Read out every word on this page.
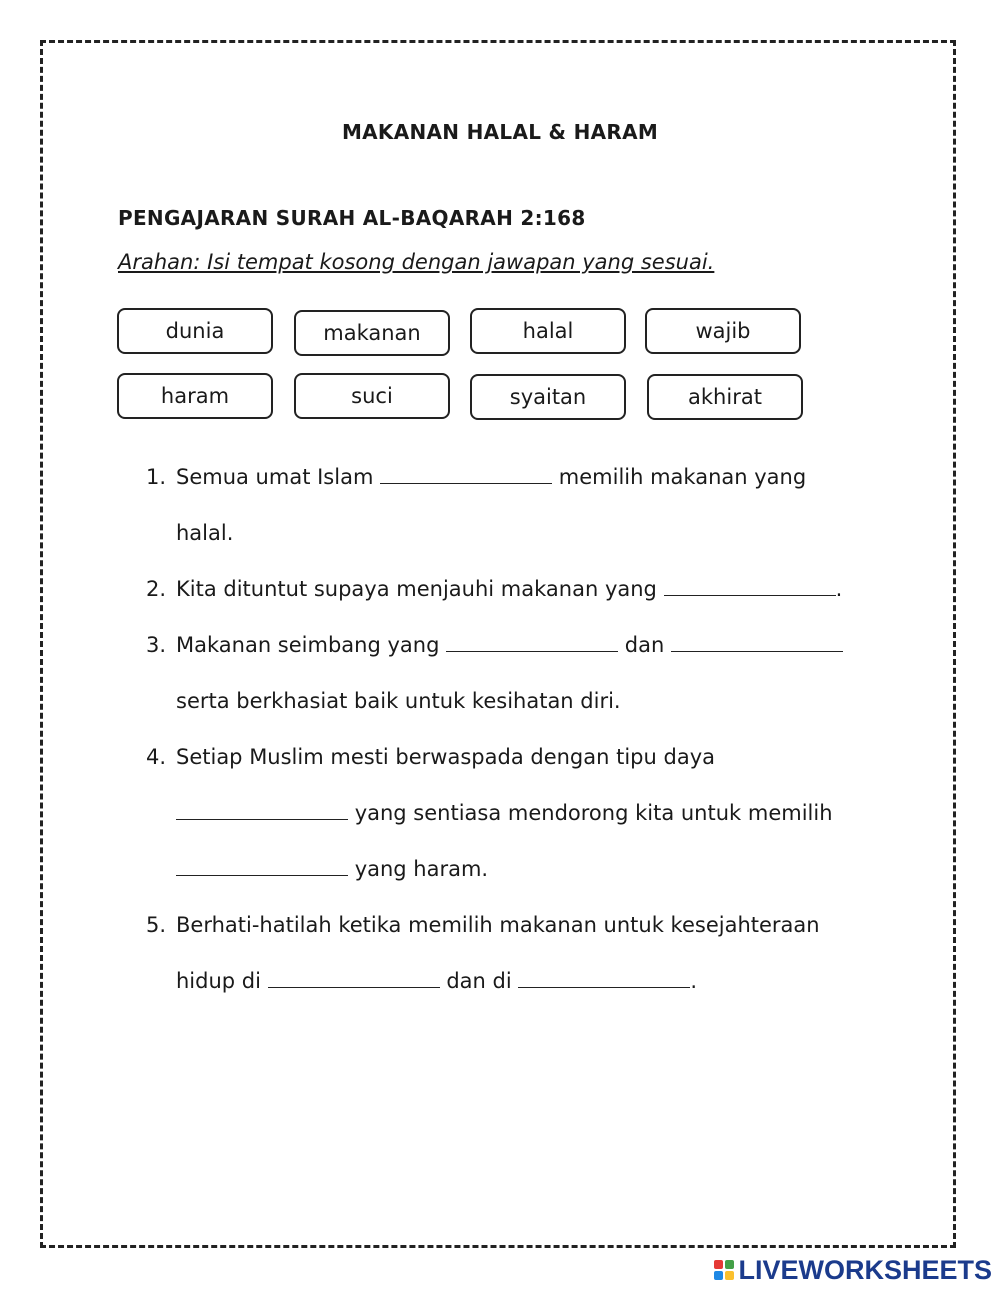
MAKANAN HALAL & HARAM
PENGAJARAN SURAH AL-BAQARAH 2:168
Arahan: Isi tempat kosong dengan jawapan yang sesuai.
dunia	makanan	halal	wajib
haram	suci	syaitan	akhirat
1. Semua umat Islam	memilih makanan yang
halal.
2. Kita dituntut supaya menjauhi makanan yang	.
3. Makanan seimbang yang	dan
serta berkhasiat baik untuk kesihatan diri.
4. Setiap Muslim mesti berwaspada dengan tipu daya
yang sentiasa mendorong kita untuk memilih
yang haram.
5. Berhati-hatilah ketika memilih makanan untuk kesejahteraan
hidup di	dan di	.
LIVEWORKSHEETS
